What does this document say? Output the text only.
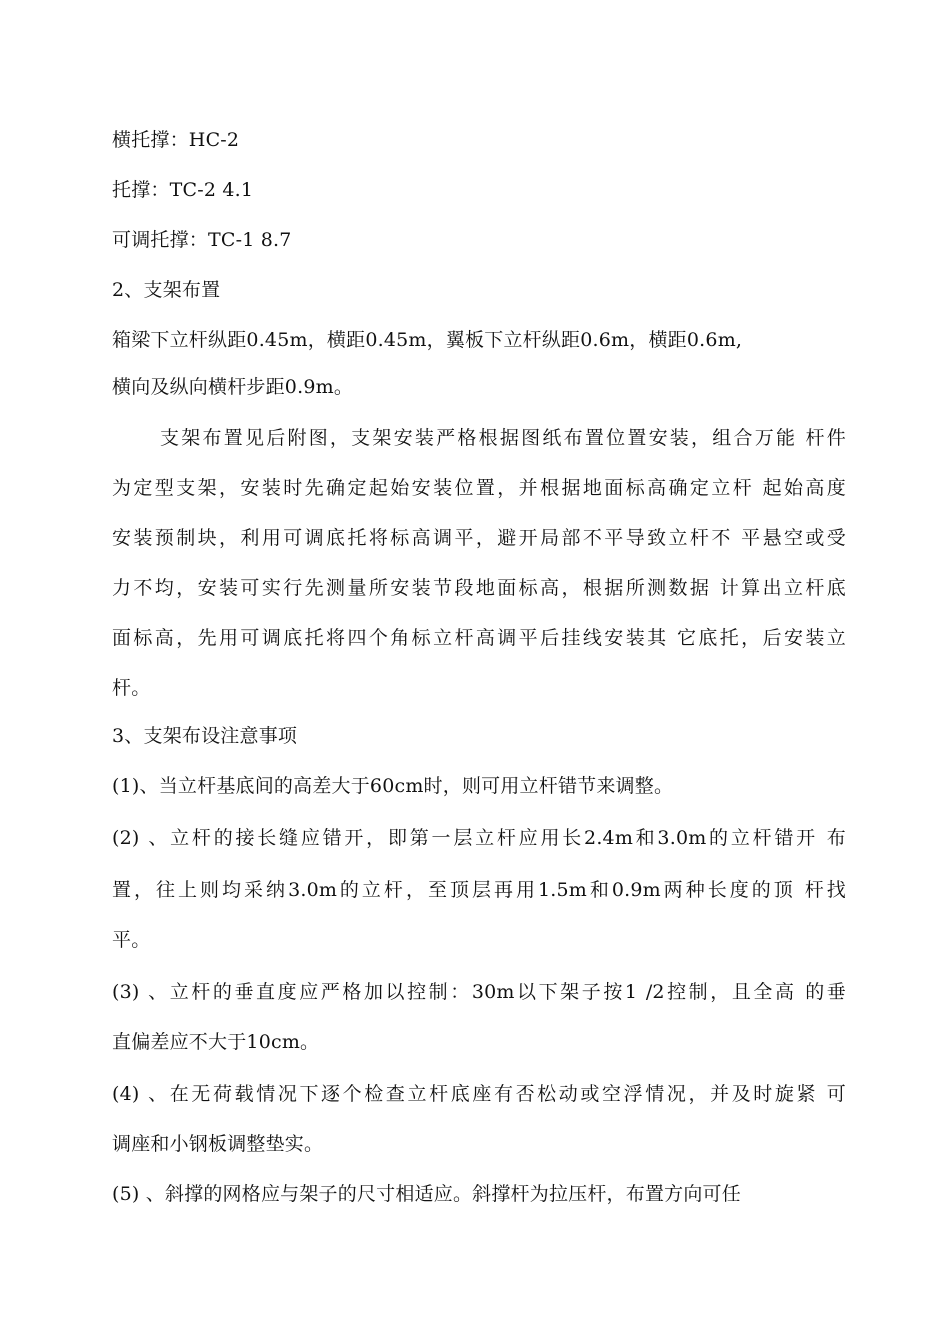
横托撑：HC-2
托撑：TC-2 4.1
可调托撑：TC-1 8.7
2、支架布置
箱梁下立杆纵距0.45m，横距0.45m，翼板下立杆纵距0.6m，横距0.6m,
横向及纵向横杆步距0.9m。
支架布置见后附图，支架安装严格根据图纸布置位置安装，组合万能 杆件
为定型支架，安装时先确定起始安装位置，并根据地面标高确定立杆 起始高度
安装预制块，利用可调底托将标高调平，避开局部不平导致立杆不 平悬空或受
力不均，安装可实行先测量所安装节段地面标高，根据所测数据 计算出立杆底
面标高，先用可调底托将四个角标立杆高调平后挂线安装其 它底托，后安装立
杆。
3、支架布设注意事项
(1)、当立杆基底间的高差大于60cm时，则可用立杆错节来调整。
(2) 、立杆的接长缝应错开，即第一层立杆应用长2.4m和3.0m的立杆错开 布
置，往上则均采纳3.0m的立杆，至顶层再用1.5m和0.9m两种长度的顶 杆找
平。
(3) 、立杆的垂直度应严格加以控制：30m以下架子按1 /2控制，且全高 的垂
直偏差应不大于10cm。
(4) 、在无荷载情况下逐个检查立杆底座有否松动或空浮情况，并及时旋紧 可
调座和小钢板调整垫实。
(5) 、斜撑的网格应与架子的尺寸相适应。斜撑杆为拉压杆，布置方向可任
